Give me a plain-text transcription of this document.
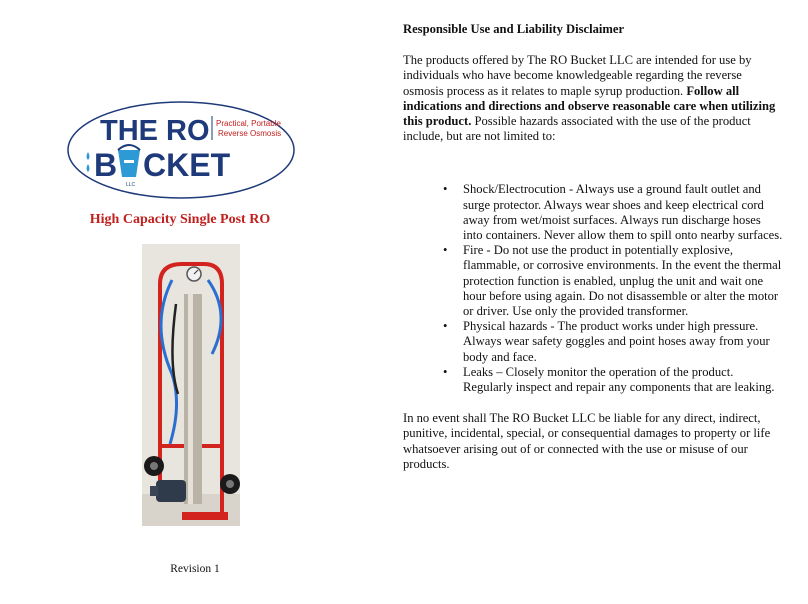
THE RO Practical, Portable
Reverse Osmosis
B CKET
LLC
High Capacity Single Post RO
Revision 1

Responsible Use and Liability Disclaimer

The products offered by The RO Bucket LLC are intended for use by individuals who have become knowledgeable regarding the reverse osmosis process as it relates to maple syrup production. Follow all indications and directions and observe reasonable care when utilizing this product. Possible hazards associated with the use of the product include, but are not limited to:

• Shock/Electrocution - Always use a ground fault outlet and surge protector. Always wear shoes and keep electrical cord away from wet/moist surfaces. Always run discharge hoses into containers. Never allow them to spill onto nearby surfaces.
• Fire - Do not use the product in potentially explosive, flammable, or corrosive environments. In the event the thermal protection function is enabled, unplug the unit and wait one hour before using again. Do not disassemble or alter the motor or driver. Use only the provided transformer.
• Physical hazards - The product works under high pressure. Always wear safety goggles and point hoses away from your body and face.
• Leaks – Closely monitor the operation of the product. Regularly inspect and repair any components that are leaking.

In no event shall The RO Bucket LLC be liable for any direct, indirect, punitive, incidental, special, or consequential damages to property or life whatsoever arising out of or connected with the use or misuse of our products.
